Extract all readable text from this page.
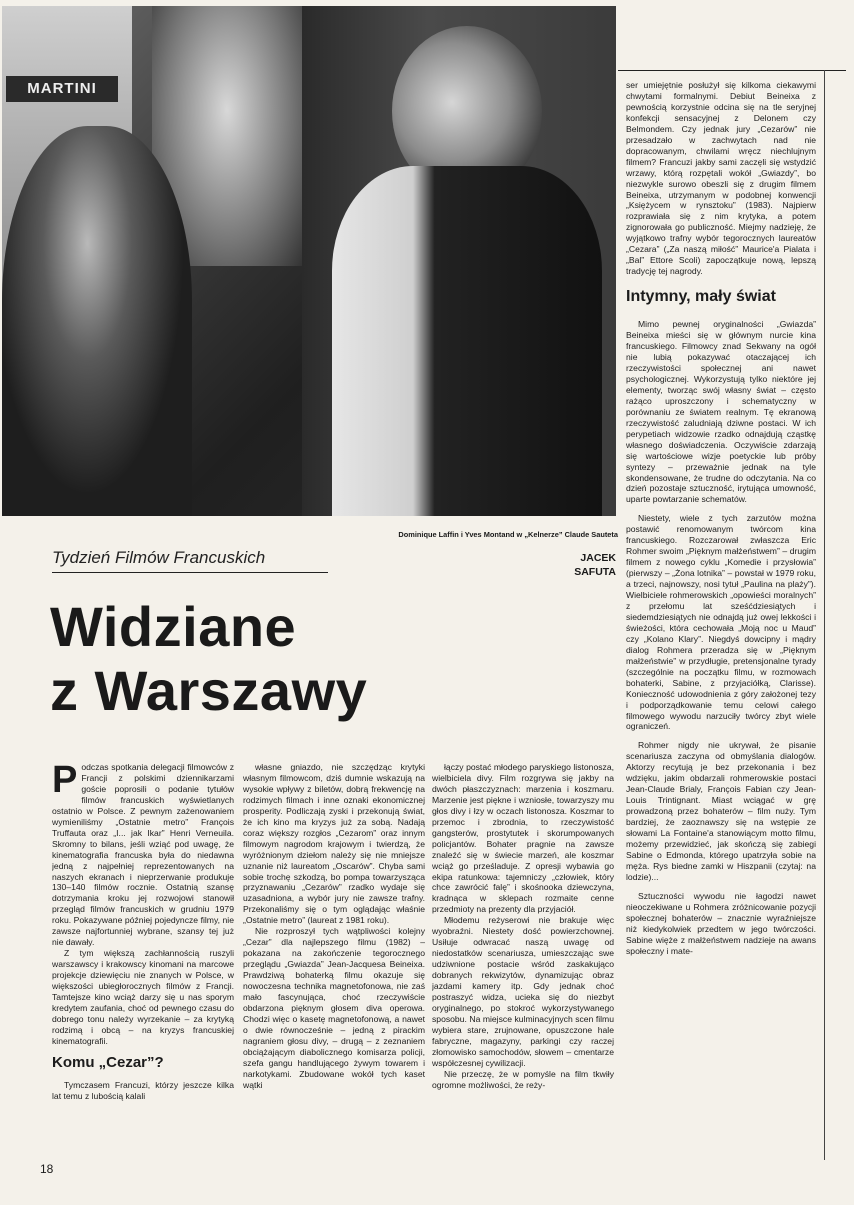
MARTINI
Dominique Laffin i Yves Montand w „Kelnerze” Claude Sauteta
Tydzień Filmów Francuskich	JACEK
SAFUTA
Widziane
z Warszawy

Podczas spotkania delegacji filmowców z Francji z polskimi dziennikarzami goście poprosili o podanie tytułów filmów francuskich wyświetlanych ostatnio w Polsce. Z pewnym zażenowaniem wymieniliśmy „Ostatnie metro” François Truffauta oraz „I... jak Ikar” Henri Verneuila. Skromny to bilans, jeśli wziąć pod uwagę, że kinematografia francuska była do niedawna jedną z najpełniej reprezentowanych na naszych ekranach i nieprzerwanie produkuje 130–140 filmów rocznie. Ostatnią szansę dotrzymania kroku jej rozwojowi stanowił przegląd filmów francuskich w grudniu 1979 roku. Pokazywane później pojedyncze filmy, nie zawsze najfortunniej wybrane, szansy tej już nie dawały.

Z tym większą zachłannością ruszyli warszawscy i krakowscy kinomani na marcowe projekcje dziewięciu nie znanych w Polsce, w większości ubiegłorocznych filmów z Francji. Tamtejsze kino wciąż darzy się u nas sporym kredytem zaufania, choć od pewnego czasu do dobrego tonu należy wyrzekanie – za krytyką rodzimą i obcą – na kryzys francuskiej kinematografii.

Komu „Cezar”?

Tymczasem Francuzi, którzy jeszcze kilka lat temu z lubością kalali

własne gniazdo, nie szczędząc krytyki własnym filmowcom, dziś dumnie wskazują na wysokie wpływy z biletów, dobrą frekwencję na rodzimych filmach i inne oznaki ekonomicznej prosperity. Podliczają zyski i przekonują świat, że ich kino ma kryzys już za sobą. Nadają coraz większy rozgłos „Cezarom” oraz innym filmowym nagrodom krajowym i twierdzą, że wyróżnionym dziełom należy się nie mniejsze uznanie niż laureatom „Oscarów”. Chyba sami sobie trochę szkodzą, bo pompa towarzysząca przyznawaniu „Cezarów” rzadko wydaje się uzasadniona, a wybór jury nie zawsze trafny. Przekonaliśmy się o tym oglądając właśnie „Ostatnie metro” (laureat z 1981 roku).

Nie rozproszył tych wątpliwości kolejny „Cezar” dla najlepszego filmu (1982) – pokazana na zakończenie tegorocznego przeglądu „Gwiazda” Jean-Jacquesa Beineixa. Prawdziwą bohaterką filmu okazuje się nowoczesna technika magnetofonowa, nie zaś mało fascynująca, choć rzeczywiście obdarzona pięknym głosem diva operowa. Chodzi więc o kasetę magnetofonową, a nawet o dwie równocześnie – jedną z pirackim nagraniem głosu divy, – drugą – z zeznaniem obciążającym diabolicznego komisarza policji, szefa gangu handlującego żywym towarem i narkotykami. Zbudowane wokół tych kaset wątki

łączy postać młodego paryskiego listonosza, wielbiciela divy. Film rozgrywa się jakby na dwóch płaszczyznach: marzenia i koszmaru. Marzenie jest piękne i wzniosłe, towarzyszy mu głos divy i łzy w oczach listonosza. Koszmar to przemoc i zbrodnia, to rzeczywistość gangsterów, prostytutek i skorumpowanych policjantów. Bohater pragnie na zawsze znaleźć się w świecie marzeń, ale koszmar wciąż go prześladuje. Z opresji wybawia go ekipa ratunkowa: tajemniczy „człowiek, który chce zawrócić falę” i skośnooka dziewczyna, kradnąca w sklepach rozmaite cenne przedmioty na prezenty dla przyjaciół.

Młodemu reżyserowi nie brakuje więc wyobraźni. Niestety dość powierzchownej. Usiłuje odwracać naszą uwagę od niedostatków scenariusza, umieszczając swe udziwnione postacie wśród zaskakująco dobranych rekwizytów, dynamizując obraz jazdami kamery itp. Gdy jednak choć postraszyć widza, ucieka się do niezbyt oryginalnego, po stokroć wykorzystywanego sposobu. Na miejsce kulminacyjnych scen filmu wybiera stare, zrujnowane, opuszczone hale fabryczne, magazyny, parkingi czy raczej złomowisko samochodów, słowem – cmentarze współczesnej cywilizacji.

Nie przeczę, że w pomyśle na film tkwiły ogromne możliwości, że reży-

ser umiejętnie posłużył się kilkoma ciekawymi chwytami formalnymi. Debiut Beineixa z pewnością korzystnie odcina się na tle seryjnej konfekcji sensacyjnej z Delonem czy Belmondem. Czy jednak jury „Cezarów” nie przesadzało w zachwytach nad nie dopracowanym, chwilami wręcz niechlujnym filmem? Francuzi jakby sami zaczęli się wstydzić wrzawy, którą rozpętali wokół „Gwiazdy”, bo niezwykle surowo obeszli się z drugim filmem Beineixa, utrzymanym w podobnej konwencji „Księżycem w rynsztoku” (1983). Najpierw rozprawiała się z nim krytyka, a potem zignorowała go publiczność. Miejmy nadzieję, że wyjątkowo trafny wybór tegorocznych laureatów „Cezara” („Za naszą miłość” Maurice'a Pialata i „Bal” Ettore Scoli) zapoczątkuje nową, lepszą tradycję tej nagrody.

Intymny, mały świat

Mimo pewnej oryginalności „Gwiazda” Beineixa mieści się w głównym nurcie kina francuskiego. Filmowcy znad Sekwany na ogół nie lubią pokazywać otaczającej ich rzeczywistości społecznej ani nawet psychologicznej. Wykorzystują tylko niektóre jej elementy, tworząc swój własny świat – często rażąco uproszczony i schematyczny w porównaniu ze światem realnym. Tę ekranową rzeczywistość zaludniają dziwne postaci. W ich perypetiach widzowie rzadko odnajdują cząstkę własnego doświadczenia. Oczywiście zdarzają się wartościowe wizje poetyckie lub próby syntezy – przeważnie jednak na tyle skondensowane, że trudne do odczytania. Na co dzień pozostaje sztuczność, irytująca umowność, uparte powtarzanie schematów.

Niestety, wiele z tych zarzutów można postawić renomowanym twórcom kina francuskiego. Rozczarował zwłaszcza Eric Rohmer swoim „Pięknym małżeństwem” – drugim filmem z nowego cyklu „Komedie i przysłowia” (pierwszy – „Żona lotnika” – powstał w 1979 roku, a trzeci, najnowszy, nosi tytuł „Paulina na plaży”). Wielbiciele rohmerowskich „opowieści moralnych” z przełomu lat sześćdziesiątych i siedemdziesiątych nie odnajdą już owej lekkości i świeżości, która cechowała „Moją noc u Maud” czy „Kolano Klary”. Niegdyś dowcipny i mądry dialog Rohmera przeradza się w „Pięknym małżeństwie” w przydługie, pretensjonalne tyrady (szczególnie na początku filmu, w rozmowach bohaterki, Sabine, z przyjaciółką, Clarisse). Konieczność udowodnienia z góry założonej tezy i podporządkowanie temu celowi całego filmowego wywodu narzuciły twórcy zbyt wiele ograniczeń.

Rohmer nigdy nie ukrywał, że pisanie scenariusza zaczyna od obmyślania dialogów. Aktorzy recytują je bez przekonania i bez wdzięku, jakim obdarzali rohmerowskie postaci Jean-Claude Brialy, François Fabian czy Jean-Louis Trintignant. Miast wciągać w grę prowadzoną przez bohaterów – film nuży. Tym bardziej, że zaoznawszy się na wstępie ze słowami La Fontaine'a stanowiącym motto filmu, możemy przewidzieć, jak skończą się zabiegi Sabine o Edmonda, którego upatrzyła sobie na męża. Rys biedne zamki w Hiszpanii (czytaj: na lodzie)...

Sztuczności wywodu nie łagodzi nawet nieoczekiwane u Rohmera zróżnicowanie pozycji społecznej bohaterów – znacznie wyraźniejsze niż kiedykolwiek przedtem w jego twórczości. Sabine więże z małżeństwem nadzieje na awans społeczny i mate-

18
